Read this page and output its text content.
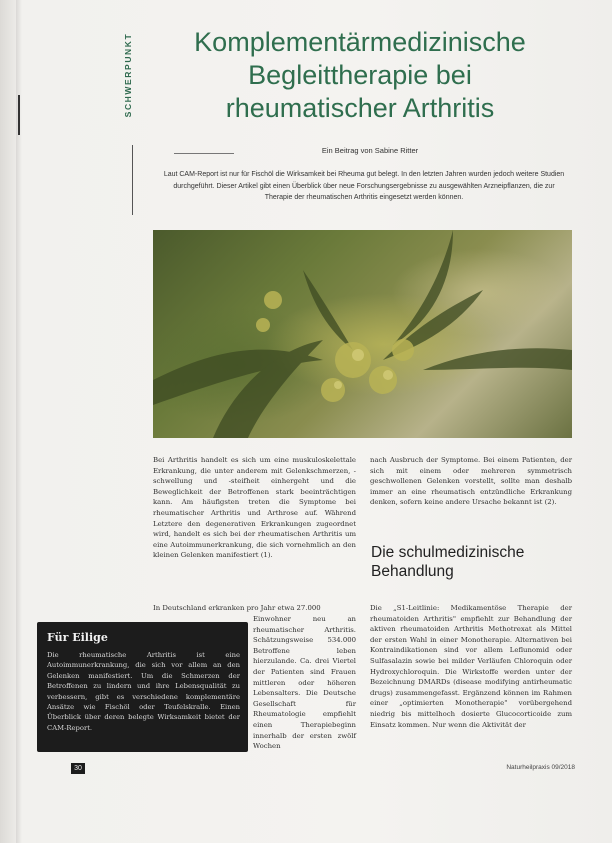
SCHWERPUNKT	Komplementärmedizinische
Begleittherapie bei
rheumatischer Arthritis
Ein Beitrag von Sabine Ritter
Laut CAM-Report ist nur für Fischöl die Wirksamkeit bei Rheuma gut belegt. In den letzten Jahren wurden jedoch weitere Studien durchgeführt. Dieser Artikel gibt einen Überblick über neue Forschungsergebnisse zu ausgewählten Arzneipflanzen, die zur Therapie der rheumatischen Arthritis eingesetzt werden können.
Bei Arthritis handelt es sich um eine muskuloskelettale Erkrankung, die unter anderem mit Gelenkschmerzen, -schwellung und -steifheit einhergeht und die Beweglichkeit der Betroffenen stark beeinträchtigen kann. Am häufigsten treten die Symptome bei rheumatischer Arthritis und Arthrose auf. Während Letztere den degenerativen Erkrankungen zugeordnet wird, handelt es sich bei der rheumatischen Arthritis um eine Autoimmunerkrankung, die sich vornehmlich an den kleinen Gelenken manifestiert (1).
In Deutschland erkranken pro Jahr etwa 27.000
Einwohner neu an rheumatischer Arthritis. Schätzungsweise 534.000 Betroffene leben hierzulande. Ca. drei Viertel der Patienten sind Frauen mittleren oder höheren Lebensalters. Die Deutsche Gesellschaft für Rheumatologie empfiehlt einen Therapiebeginn innerhalb der ersten zwölf Wochen
nach Ausbruch der Symptome. Bei einem Patienten, der sich mit einem oder mehreren symmetrisch geschwollenen Gelenken vorstellt, sollte man deshalb immer an eine rheumatisch entzündliche Erkrankung denken, sofern keine andere Ursache bekannt ist (2).
Die schulmedizinische Behandlung
Die „S1-Leitlinie: Medikamentöse Therapie der rheumatoiden Arthritis" empfiehlt zur Behandlung der aktiven rheumatoiden Arthritis Methotrexat als Mittel der ersten Wahl in einer Monotherapie. Alternativen bei Kontraindikationen sind vor allem Leflunomid oder Sulfasalazin sowie bei milder Verläufen Chloroquin oder Hydroxychloroquin. Die Wirkstoffe werden unter der Bezeichnung DMARDs (disease modifying antirheumatic drugs) zusammengefasst. Ergänzend können im Rahmen einer „optimierten Monotherapie" vorübergehend niedrig bis mittelhoch dosierte Glucocorticoide zum Einsatz kommen. Nur wenn die Aktivität der
Für Eilige

Die rheumatische Arthritis ist eine Autoimmunerkrankung, die sich vor allem an den Gelenken manifestiert. Um die Schmerzen der Betroffenen zu lindern und ihre Lebensqualität zu verbessern, gibt es verschiedene komplementäre Ansätze wie Fischöl oder Teufelskralle. Einen Überblick über deren belegte Wirksamkeit bietet der CAM-Report.

30	Naturheilpraxis 09/2018
